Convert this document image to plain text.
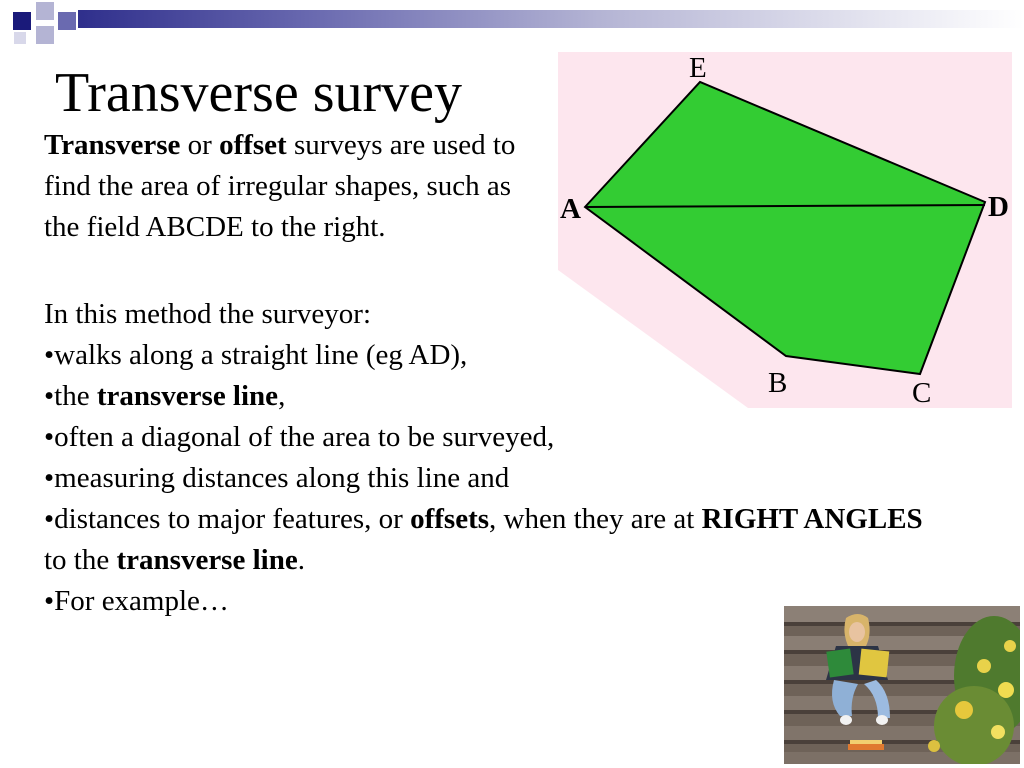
Transverse survey

Transverse or offset surveys are used to find the area of irregular shapes, such as the field ABCDE to the right.

In this method the surveyor:

•walks along a straight line (eg AD),

•the transverse line,

•often a diagonal of the area to be surveyed,

•measuring distances along this line and

•distances to major features, or offsets, when they are at RIGHT ANGLES to the transverse line.

•For example…

A
E
D
C
B
